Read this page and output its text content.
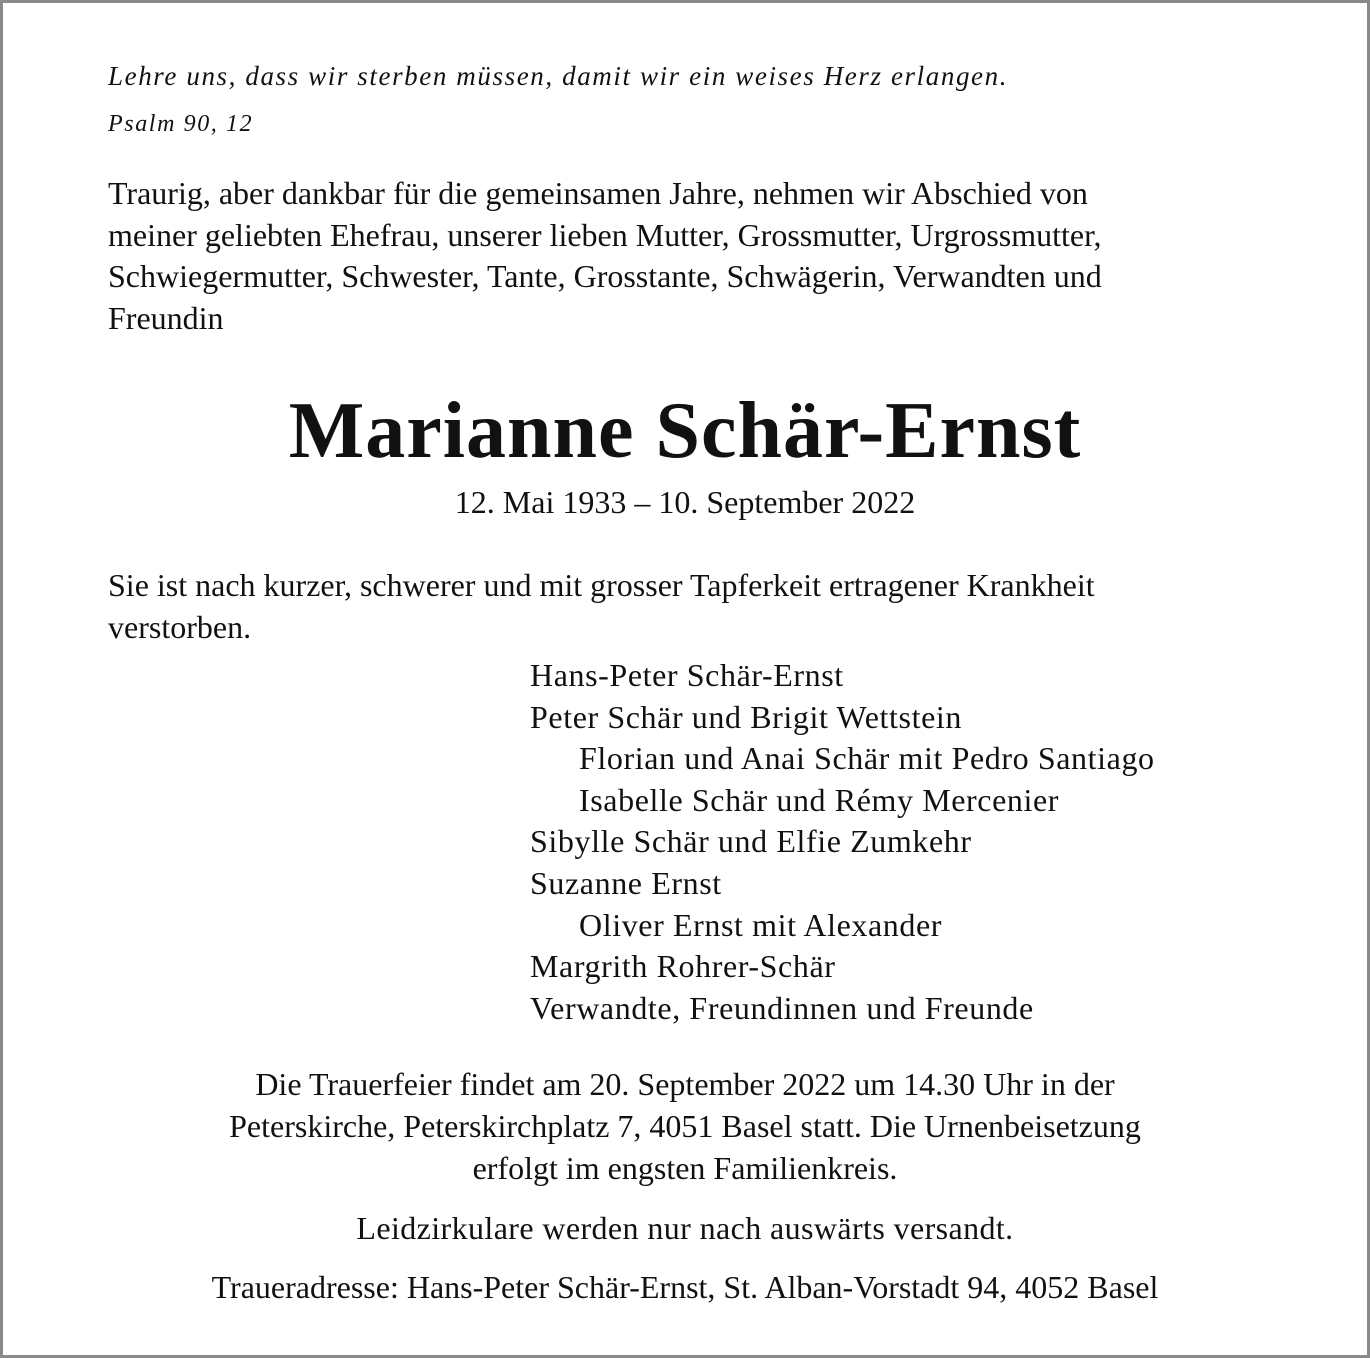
Lehre uns, dass wir sterben müssen, damit wir ein weises Herz erlangen.

Psalm 90, 12

Traurig, aber dankbar für die gemeinsamen Jahre, nehmen wir Abschied von
meiner geliebten Ehefrau, unserer lieben Mutter, Grossmutter, Urgrossmutter,
Schwiegermutter, Schwester, Tante, Grosstante, Schwägerin, Verwandten und
Freundin
Marianne Schär-Ernst

12. Mai 1933 – 10. September 2022

Sie ist nach kurzer, schwerer und mit grosser Tapferkeit ertragener Krankheit
verstorben.
Hans-Peter Schär-Ernst
Peter Schär und Brigit Wettstein
Florian und Anai Schär mit Pedro Santiago
Isabelle Schär und Rémy Mercenier
Sibylle Schär und Elfie Zumkehr
Suzanne Ernst
Oliver Ernst mit Alexander
Margrith Rohrer-Schär
Verwandte, Freundinnen und Freunde
Die Trauerfeier findet am 20. September 2022 um 14.30 Uhr in der
Peterskirche, Peterskirchplatz 7, 4051 Basel statt. Die Urnenbeisetzung
erfolgt im engsten Familienkreis.

Leidzirkulare werden nur nach auswärts versandt.

Traueradresse: Hans-Peter Schär-Ernst, St. Alban-Vorstadt 94, 4052 Basel
